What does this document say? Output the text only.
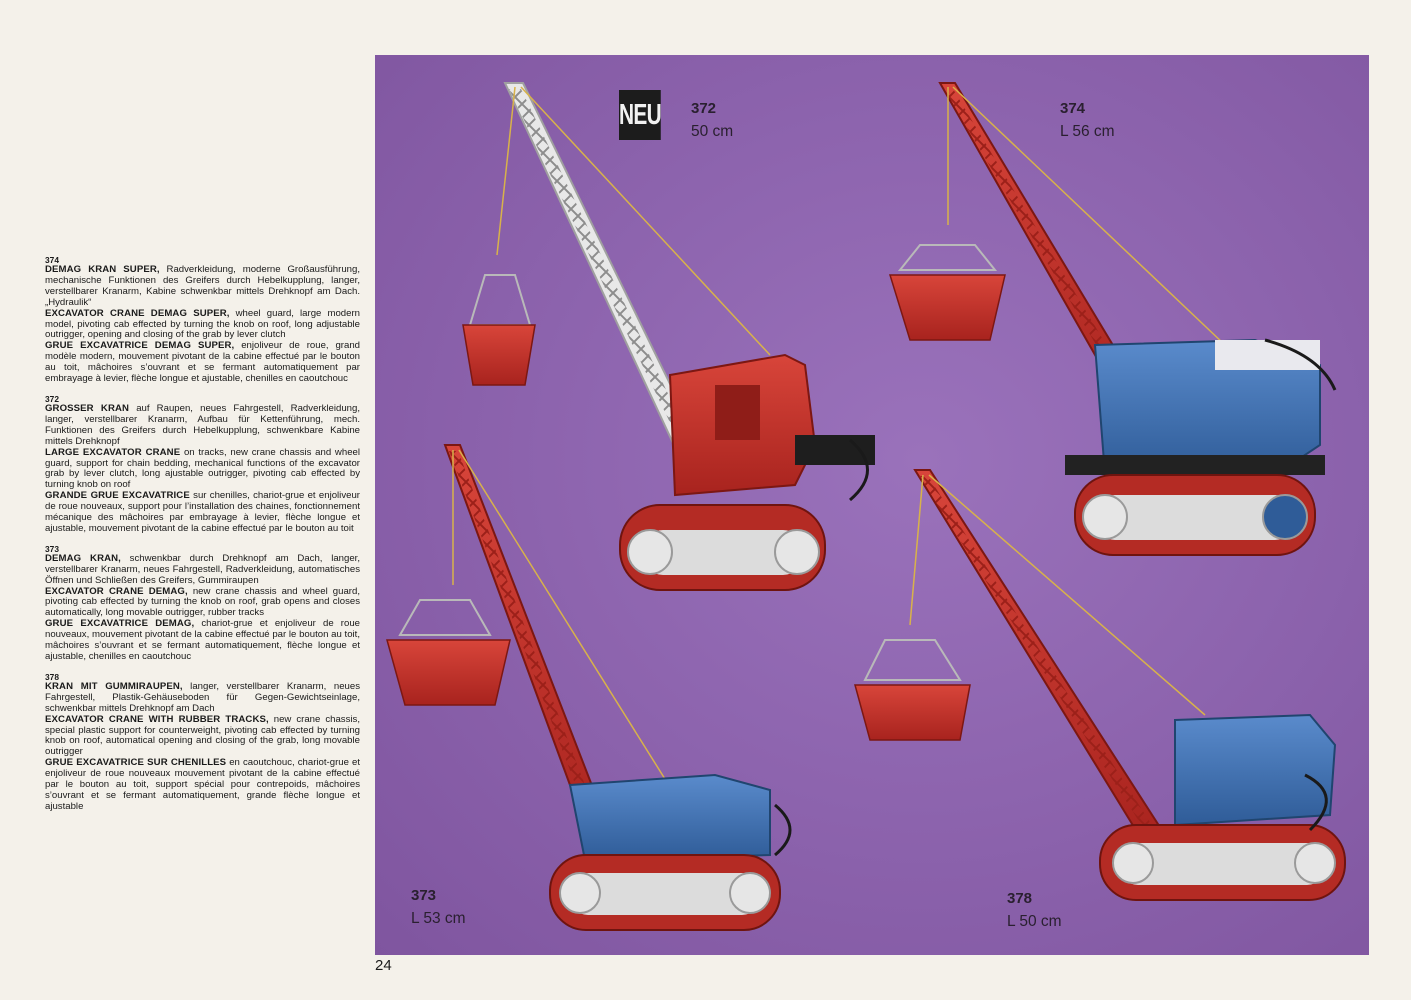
374

DEMAG KRAN SUPER, Radverkleidung, moderne Großausführung, mechanische Funktionen des Greifers durch Hebelkupplung, langer, verstellbarer Kranarm, Kabine schwenkbar mittels Drehknopf am Dach. „Hydraulik“

EXCAVATOR CRANE DEMAG SUPER, wheel guard, large modern model, pivoting cab effected by turning the knob on roof, long adjustable outrigger, opening and closing of the grab by lever clutch

GRUE EXCAVATRICE DEMAG SUPER, enjoliveur de roue, grand modèle modern, mouvement pivotant de la cabine effectué par le bouton au toit, mâchoires s’ouvrant et se fermant automatiquement par embrayage à levier, flèche longue et ajustable, chenilles en caoutchouc

372

GROSSER KRAN auf Raupen, neues Fahrgestell, Radverkleidung, langer, verstellbarer Kranarm, Aufbau für Kettenführung, mech. Funktionen des Greifers durch Hebelkupplung, schwenkbare Kabine mittels Drehknopf

LARGE EXCAVATOR CRANE on tracks, new crane chassis and wheel guard, support for chain bedding, mechanical functions of the excavator grab by lever clutch, long ajustable outrigger, pivoting cab effected by turning knob on roof

GRANDE GRUE EXCAVATRICE sur chenilles, chariot-grue et enjoliveur de roue nouveaux, support pour l’installation des chaines, fonctionnement mécanique des mâchoires par embrayage à levier, flèche longue et ajustable, mouvement pivotant de la cabine effectué par le bouton au toit

373

DEMAG KRAN, schwenkbar durch Drehknopf am Dach, langer, verstellbarer Kranarm, neues Fahrgestell, Radverkleidung, automatisches Öffnen und Schließen des Greifers, Gummiraupen

EXCAVATOR CRANE DEMAG, new crane chassis and wheel guard, pivoting cab effected by turning the knob on roof, grab opens and closes automatically, long movable outrigger, rubber tracks

GRUE EXCAVATRICE DEMAG, chariot-grue et enjoliveur de roue nouveaux, mouvement pivotant de la cabine effectué par le bouton au toit, mâchoires s’ouvrant et se fermant automatiquement, flèche longue et ajustable, chenilles en caoutchouc

378

KRAN MIT GUMMIRAUPEN, langer, verstellbarer Kranarm, neues Fahrgestell, Plastik-Gehäuseboden für Gegen-Gewichtseinlage, schwenkbar mittels Drehknopf am Dach

EXCAVATOR CRANE WITH RUBBER TRACKS, new crane chassis, special plastic support for counterweight, pivoting cab effected by turning knob on roof, automatical opening and closing of the grab, long movable outrigger

GRUE EXCAVATRICE SUR CHENILLES en caoutchouc, chariot-grue et enjoliveur de roue nouveaux mouvement pivotant de la cabine effectué par le bouton au toit, support spécial pour contrepoids, mâchoires s’ouvrant et se fermant automatiquement, grande flèche longue et ajustable

24
NEU 372
50 cm
374
L 56 cm
373
L 53 cm
378
L 50 cm
